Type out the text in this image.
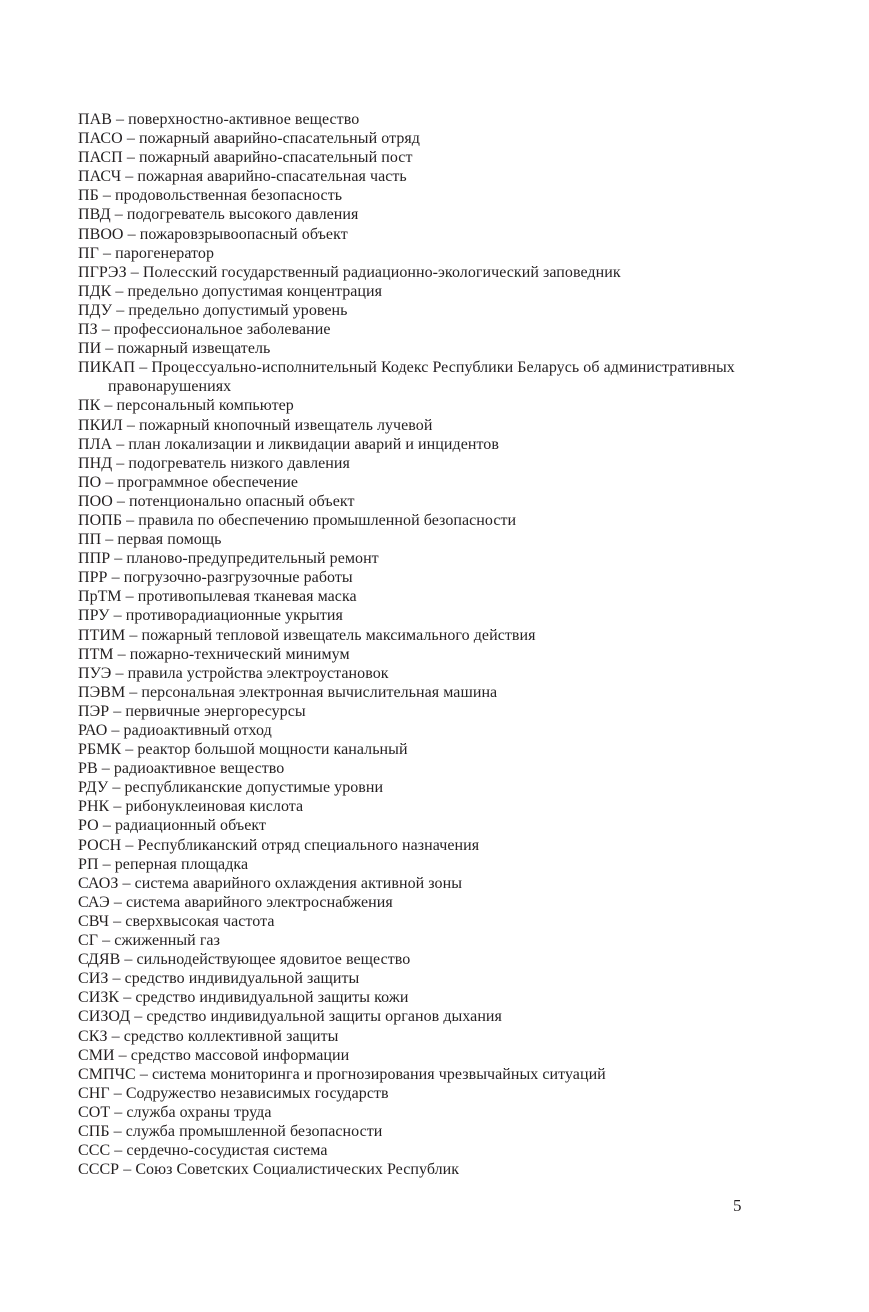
ПАВ – поверхностно-активное вещество
ПАСО – пожарный аварийно-спасательный отряд
ПАСП – пожарный аварийно-спасательный пост
ПАСЧ – пожарная аварийно-спасательная часть
ПБ – продовольственная безопасность
ПВД – подогреватель высокого давления
ПВОО – пожаровзрывоопасный объект
ПГ – парогенератор
ПГРЭЗ – Полесский государственный радиационно-экологический заповедник
ПДК – предельно допустимая концентрация
ПДУ – предельно допустимый уровень
ПЗ – профессиональное заболевание
ПИ – пожарный извещатель
ПИКАП – Процессуально-исполнительный Кодекс Республики Беларусь об административных правонарушениях
ПК – персональный компьютер
ПКИЛ – пожарный кнопочный извещатель лучевой
ПЛА – план локализации и ликвидации аварий и инцидентов
ПНД – подогреватель низкого давления
ПО – программное обеспечение
ПОО – потенционально опасный объект
ПОПБ – правила по обеспечению промышленной безопасности
ПП – первая помощь
ППР – планово-предупредительный ремонт
ПРР – погрузочно-разгрузочные работы
ПрТМ – противопылевая тканевая маска
ПРУ – противорадиационные укрытия
ПТИМ – пожарный тепловой извещатель максимального действия
ПТМ – пожарно-технический минимум
ПУЭ – правила устройства электроустановок
ПЭВМ – персональная электронная вычислительная машина
ПЭР – первичные энергоресурсы
РАО – радиоактивный отход
РБМК – реактор большой мощности канальный
РВ – радиоактивное вещество
РДУ – республиканские допустимые уровни
РНК – рибонуклеиновая кислота
РО – радиационный объект
РОСН – Республиканский отряд специального назначения
РП – реперная площадка
САОЗ – система аварийного охлаждения активной зоны
САЭ – система аварийного электроснабжения
СВЧ – сверхвысокая частота
СГ – сжиженный газ
СДЯВ – сильнодействующее ядовитое вещество
СИЗ – средство индивидуальной защиты
СИЗК – средство индивидуальной защиты кожи
СИЗОД – средство индивидуальной защиты органов дыхания
СКЗ – средство коллективной защиты
СМИ – средство массовой информации
СМПЧС – система мониторинга и прогнозирования чрезвычайных ситуаций
СНГ – Содружество независимых государств
СОТ – служба охраны труда
СПБ – служба промышленной безопасности
ССС – сердечно-сосудистая система
СССР – Союз Советских Социалистических Республик
5
